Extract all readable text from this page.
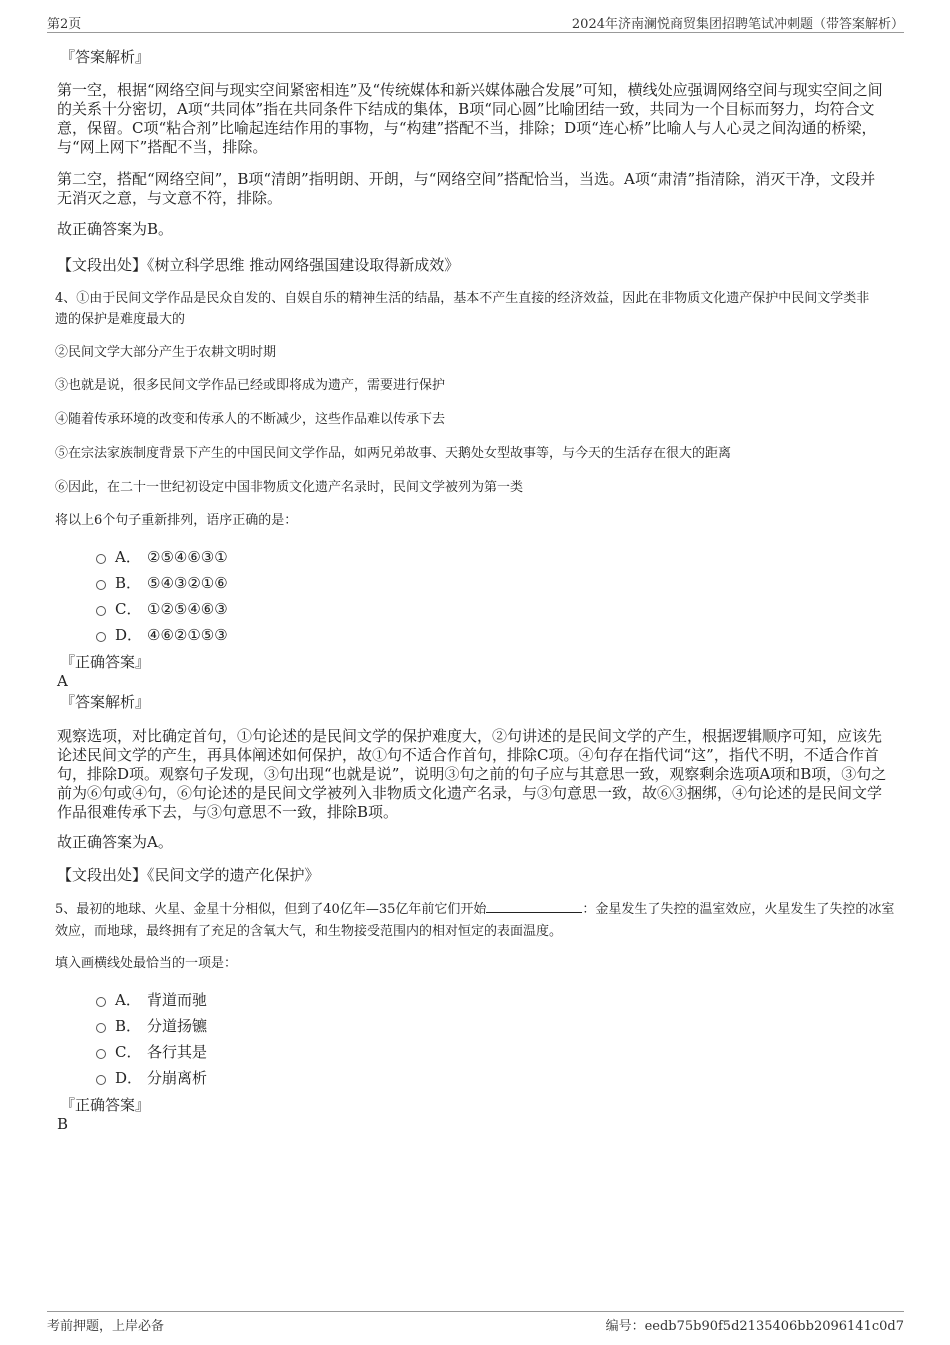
第2页	2024年济南澜悦商贸集团招聘笔试冲刺题（带答案解析）
『答案解析』
第一空，根据“网络空间与现实空间紧密相连”及“传统媒体和新兴媒体融合发展”可知，横线处应强调网络空间与现实空间之间的关系十分密切，A项“共同体”指在共同条件下结成的集体，B项“同心圆”比喻团结一致，共同为一个目标而努力，均符合文意，保留。C项“粘合剂”比喻起连结作用的事物，与“构建”搭配不当，排除；D项“连心桥”比喻人与人心灵之间沟通的桥梁，与“网上网下”搭配不当，排除。
第二空，搭配“网络空间”，B项“清朗”指明朗、开朗，与“网络空间”搭配恰当，当选。A项“肃清”指清除，消灭干净，文段并无消灭之意，与文意不符，排除。
故正确答案为B。
【文段出处】《树立科学思维 推动网络强国建设取得新成效》
4、①由于民间文学作品是民众自发的、自娱自乐的精神生活的结晶，基本不产生直接的经济效益，因此在非物质文化遗产保护中民间文学类非
遗的保护是难度最大的
②民间文学大部分产生于农耕文明时期
③也就是说，很多民间文学作品已经或即将成为遗产，需要进行保护
④随着传承环境的改变和传承人的不断减少，这些作品难以传承下去
⑤在宗法家族制度背景下产生的中国民间文学作品，如两兄弟故事、天鹅处女型故事等，与今天的生活存在很大的距离
⑥因此，在二十一世纪初设定中国非物质文化遗产名录时，民间文学被列为第一类
将以上6个句子重新排列，语序正确的是：
A． ②⑤④⑥③①
B． ⑤④③②①⑥
C． ①②⑤④⑥③
D． ④⑥②①⑤③
『正确答案』
A
『答案解析』
观察选项，对比确定首句，①句论述的是民间文学的保护难度大，②句讲述的是民间文学的产生，根据逻辑顺序可知，应该先论述民间文学的产生，再具体阐述如何保护，故①句不适合作首句，排除C项。④句存在指代词“这”，指代不明，不适合作首句，排除D项。观察句子发现，③句出现“也就是说”，说明③句之前的句子应与其意思一致，观察剩余选项A项和B项，③句之前为⑥句或④句，⑥句论述的是民间文学被列入非物质文化遗产名录，与③句意思一致，故⑥③捆绑，④句论述的是民间文学作品很难传承下去，与③句意思不一致，排除B项。
故正确答案为A。
【文段出处】《民间文学的遗产化保护》
5、最初的地球、火星、金星十分相似，但到了40亿年—35亿年前它们开始	：金星发生了失控的温室效应，火星发生了失控的冰室效应，而地球，最终拥有了充足的含氧大气，和生物接受范围内的相对恒定的表面温度。
填入画横线处最恰当的一项是：
A． 背道而驰
B． 分道扬镳
C． 各行其是
D． 分崩离析
『正确答案』
B
考前押题，上岸必备	编号：eedb75b90f5d2135406bb2096141c0d7
